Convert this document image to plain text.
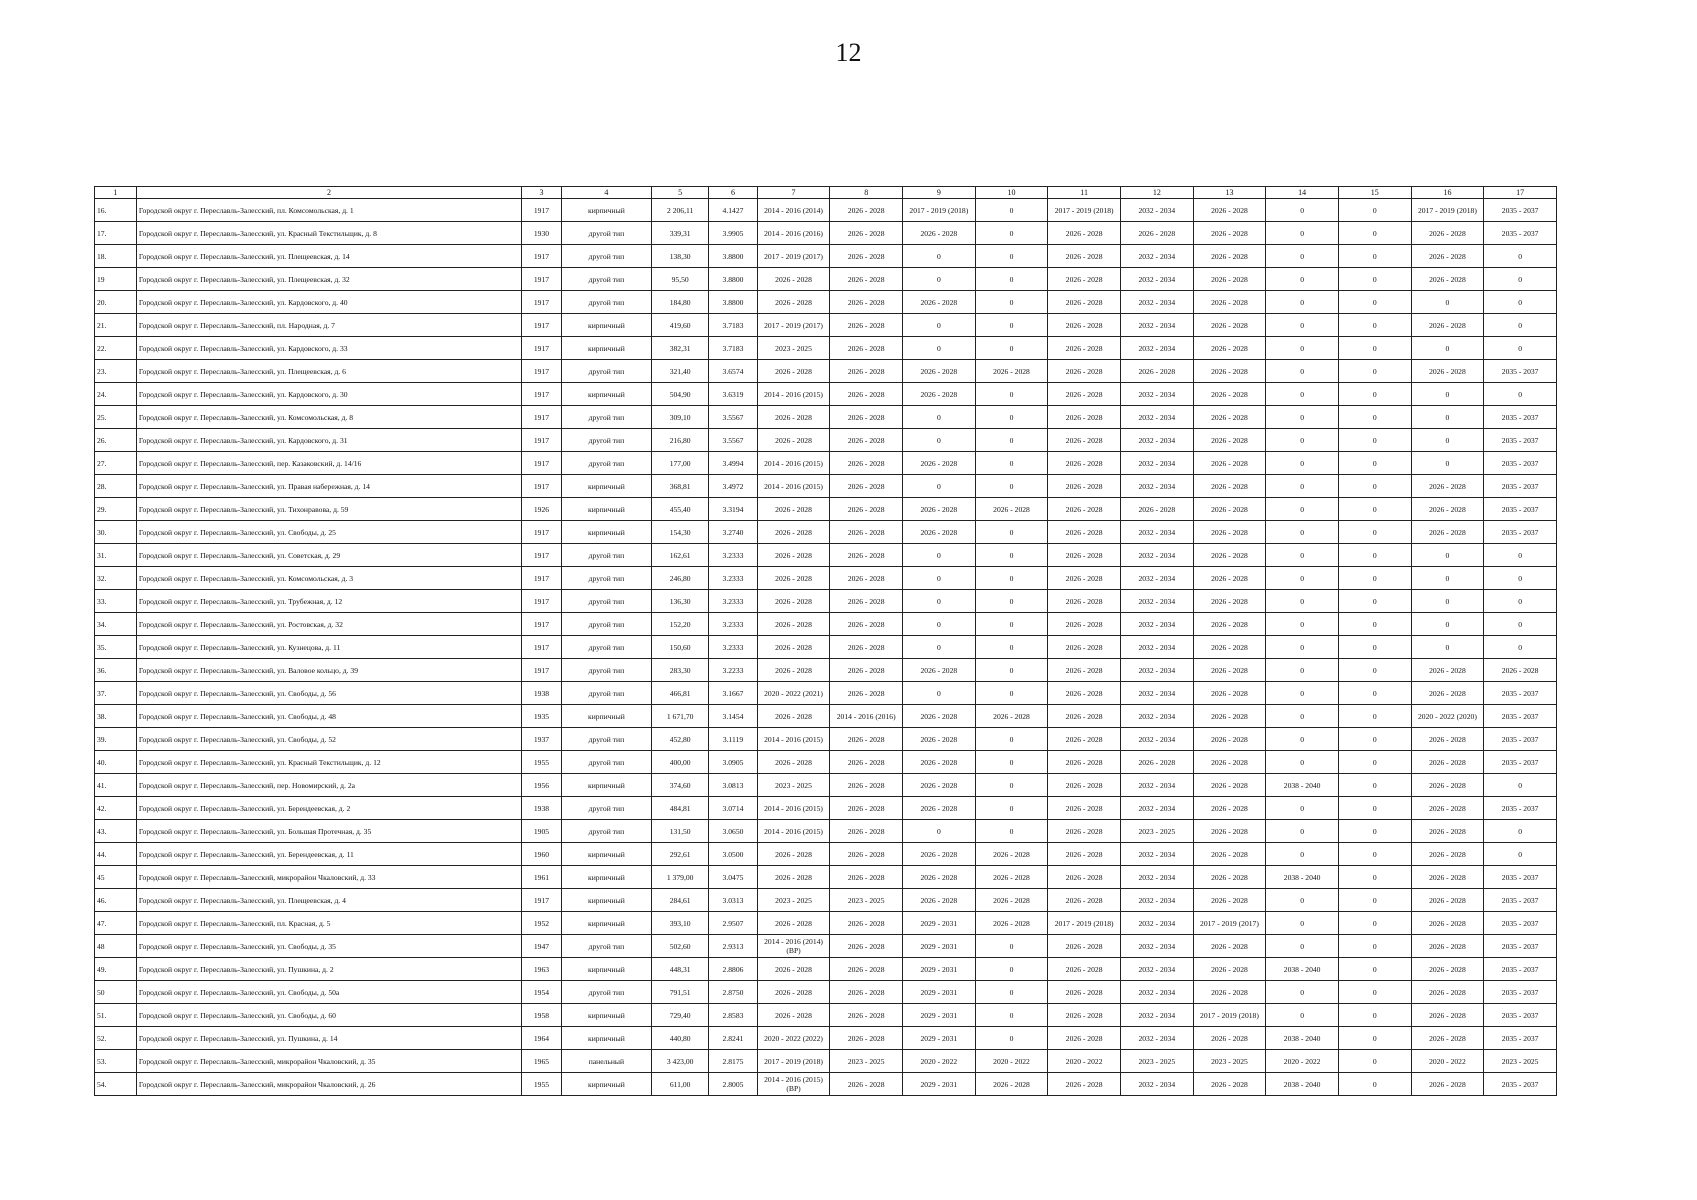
12
1	2	3	4	5	6	7	8	9	10	11	12	13	14	15	16	17
16.	Городской округ г. Переславль-Залесский, пл. Комсомольская, д. 1	1917	кирпичный	2 206,11	4.1427	2014 - 2016 (2014)	2026 - 2028	2017 - 2019 (2018)	0	2017 - 2019 (2018)	2032 - 2034	2026 - 2028	0	0	2017 - 2019 (2018)	2035 - 2037
17.	Городской округ г. Переславль-Залесский, ул. Красный Текстильщик, д. 8	1930	другой тип	339,31	3.9905	2014 - 2016 (2016)	2026 - 2028	2026 - 2028	0	2026 - 2028	2026 - 2028	2026 - 2028	0	0	2026 - 2028	2035 - 2037
18.	Городской округ г. Переславль-Залесский, ул. Плещеевская, д. 14	1917	другой тип	138,30	3.8800	2017 - 2019 (2017)	2026 - 2028	0	0	2026 - 2028	2032 - 2034	2026 - 2028	0	0	2026 - 2028	0
19	Городской округ г. Переславль-Залесский, ул. Плещеевская, д. 32	1917	другой тип	95,50	3.8800	2026 - 2028	2026 - 2028	0	0	2026 - 2028	2032 - 2034	2026 - 2028	0	0	2026 - 2028	0
20.	Городской округ г. Переславль-Залесский, ул. Кардовского, д. 40	1917	другой тип	184,80	3.8800	2026 - 2028	2026 - 2028	2026 - 2028	0	2026 - 2028	2032 - 2034	2026 - 2028	0	0	0	0
21.	Городской округ г. Переславль-Залесский, пл. Народная, д. 7	1917	кирпичный	419,60	3.7183	2017 - 2019 (2017)	2026 - 2028	0	0	2026 - 2028	2032 - 2034	2026 - 2028	0	0	2026 - 2028	0
22.	Городской округ г. Переславль-Залесский, ул. Кардовского, д. 33	1917	кирпичный	382,31	3.7183	2023 - 2025	2026 - 2028	0	0	2026 - 2028	2032 - 2034	2026 - 2028	0	0	0	0
23.	Городской округ г. Переславль-Залесский, ул. Плещеевская, д. 6	1917	другой тип	321,40	3.6574	2026 - 2028	2026 - 2028	2026 - 2028	2026 - 2028	2026 - 2028	2026 - 2028	2026 - 2028	0	0	2026 - 2028	2035 - 2037
24.	Городской округ г. Переславль-Залесский, ул. Кардовского, д. 30	1917	кирпичный	504,90	3.6319	2014 - 2016 (2015)	2026 - 2028	2026 - 2028	0	2026 - 2028	2032 - 2034	2026 - 2028	0	0	0	0
25.	Городской округ г. Переславль-Залесский, ул. Комсомольская, д. 8	1917	другой тип	309,10	3.5567	2026 - 2028	2026 - 2028	0	0	2026 - 2028	2032 - 2034	2026 - 2028	0	0	0	2035 - 2037
26.	Городской округ г. Переславль-Залесский, ул. Кардовского, д. 31	1917	другой тип	216,80	3.5567	2026 - 2028	2026 - 2028	0	0	2026 - 2028	2032 - 2034	2026 - 2028	0	0	0	2035 - 2037
27.	Городской округ г. Переславль-Залесский, пер. Казаковский, д. 14/16	1917	другой тип	177,00	3.4994	2014 - 2016 (2015)	2026 - 2028	2026 - 2028	0	2026 - 2028	2032 - 2034	2026 - 2028	0	0	0	2035 - 2037
28.	Городской округ г. Переславль-Залесский, ул. Правая набережная, д. 14	1917	кирпичный	368,81	3.4972	2014 - 2016 (2015)	2026 - 2028	0	0	2026 - 2028	2032 - 2034	2026 - 2028	0	0	2026 - 2028	2035 - 2037
29.	Городской округ г. Переславль-Залесский, ул. Тихонравова, д. 59	1926	кирпичный	455,40	3.3194	2026 - 2028	2026 - 2028	2026 - 2028	2026 - 2028	2026 - 2028	2026 - 2028	2026 - 2028	0	0	2026 - 2028	2035 - 2037
30.	Городской округ г. Переславль-Залесский, ул. Свободы, д. 25	1917	кирпичный	154,30	3.2740	2026 - 2028	2026 - 2028	2026 - 2028	0	2026 - 2028	2032 - 2034	2026 - 2028	0	0	2026 - 2028	2035 - 2037
31.	Городской округ г. Переславль-Залесский, ул. Советская, д. 29	1917	другой тип	162,61	3.2333	2026 - 2028	2026 - 2028	0	0	2026 - 2028	2032 - 2034	2026 - 2028	0	0	0	0
32.	Городской округ г. Переславль-Залесский, ул. Комсомольская, д. 3	1917	другой тип	246,80	3.2333	2026 - 2028	2026 - 2028	0	0	2026 - 2028	2032 - 2034	2026 - 2028	0	0	0	0
33.	Городской округ г. Переславль-Залесский, ул. Трубежная, д. 12	1917	другой тип	136,30	3.2333	2026 - 2028	2026 - 2028	0	0	2026 - 2028	2032 - 2034	2026 - 2028	0	0	0	0
34.	Городской округ г. Переславль-Залесский, ул. Ростовская, д. 32	1917	другой тип	152,20	3.2333	2026 - 2028	2026 - 2028	0	0	2026 - 2028	2032 - 2034	2026 - 2028	0	0	0	0
35.	Городской округ г. Переславль-Залесский, ул. Кузнецова, д. 11	1917	другой тип	150,60	3.2333	2026 - 2028	2026 - 2028	0	0	2026 - 2028	2032 - 2034	2026 - 2028	0	0	0	0
36.	Городской округ г. Переславль-Залесский, ул. Валовое кольцо, д. 39	1917	другой тип	283,30	3.2233	2026 - 2028	2026 - 2028	2026 - 2028	0	2026 - 2028	2032 - 2034	2026 - 2028	0	0	2026 - 2028	2026 - 2028
37.	Городской округ г. Переславль-Залесский, ул. Свободы, д. 56	1938	другой тип	466,81	3.1667	2020 - 2022 (2021)	2026 - 2028	0	0	2026 - 2028	2032 - 2034	2026 - 2028	0	0	2026 - 2028	2035 - 2037
38.	Городской округ г. Переславль-Залесский, ул. Свободы, д. 48	1935	кирпичный	1 671,70	3.1454	2026 - 2028	2014 - 2016 (2016)	2026 - 2028	2026 - 2028	2026 - 2028	2032 - 2034	2026 - 2028	0	0	2020 - 2022 (2020)	2035 - 2037
39.	Городской округ г. Переславль-Залесский, ул. Свободы, д. 52	1937	другой тип	452,80	3.1119	2014 - 2016 (2015)	2026 - 2028	2026 - 2028	0	2026 - 2028	2032 - 2034	2026 - 2028	0	0	2026 - 2028	2035 - 2037
40.	Городской округ г. Переславль-Залесский, ул. Красный Текстильщик, д. 12	1955	другой тип	400,00	3.0905	2026 - 2028	2026 - 2028	2026 - 2028	0	2026 - 2028	2026 - 2028	2026 - 2028	0	0	2026 - 2028	2035 - 2037
41.	Городской округ г. Переславль-Залесский, пер. Новомирский, д. 2а	1956	кирпичный	374,60	3.0813	2023 - 2025	2026 - 2028	2026 - 2028	0	2026 - 2028	2032 - 2034	2026 - 2028	2038 - 2040	0	2026 - 2028	0
42.	Городской округ г. Переславль-Залесский, ул. Берендеевская, д. 2	1938	другой тип	484,81	3.0714	2014 - 2016 (2015)	2026 - 2028	2026 - 2028	0	2026 - 2028	2032 - 2034	2026 - 2028	0	0	2026 - 2028	2035 - 2037
43.	Городской округ г. Переславль-Залесский, ул. Большая Протечная, д. 35	1905	другой тип	131,50	3.0650	2014 - 2016 (2015)	2026 - 2028	0	0	2026 - 2028	2023 - 2025	2026 - 2028	0	0	2026 - 2028	0
44.	Городской округ г. Переславль-Залесский, ул. Берендеевская, д. 11	1960	кирпичный	292,61	3.0500	2026 - 2028	2026 - 2028	2026 - 2028	2026 - 2028	2026 - 2028	2032 - 2034	2026 - 2028	0	0	2026 - 2028	0
45	Городской округ г. Переславль-Залесский, микрорайон Чкаловский, д. 33	1961	кирпичный	1 379,00	3.0475	2026 - 2028	2026 - 2028	2026 - 2028	2026 - 2028	2026 - 2028	2032 - 2034	2026 - 2028	2038 - 2040	0	2026 - 2028	2035 - 2037
46.	Городской округ г. Переславль-Залесский, ул. Плещеевская, д. 4	1917	кирпичный	284,61	3.0313	2023 - 2025	2023 - 2025	2026 - 2028	2026 - 2028	2026 - 2028	2032 - 2034	2026 - 2028	0	0	2026 - 2028	2035 - 2037
47.	Городской округ г. Переславль-Залесский, пл. Красная, д. 5	1952	кирпичный	393,10	2.9507	2026 - 2028	2026 - 2028	2029 - 2031	2026 - 2028	2017 - 2019 (2018)	2032 - 2034	2017 - 2019 (2017)	0	0	2026 - 2028	2035 - 2037
48	Городской округ г. Переславль-Залесский, ул. Свободы, д. 35	1947	другой тип	502,60	2.9313	2014 - 2016 (2014) (ВР)	2026 - 2028	2029 - 2031	0	2026 - 2028	2032 - 2034	2026 - 2028	0	0	2026 - 2028	2035 - 2037
49.	Городской округ г. Переславль-Залесский, ул. Пушкина, д. 2	1963	кирпичный	448,31	2.8806	2026 - 2028	2026 - 2028	2029 - 2031	0	2026 - 2028	2032 - 2034	2026 - 2028	2038 - 2040	0	2026 - 2028	2035 - 2037
50	Городской округ г. Переславль-Залесский, ул. Свободы, д. 50а	1954	другой тип	791,51	2.8750	2026 - 2028	2026 - 2028	2029 - 2031	0	2026 - 2028	2032 - 2034	2026 - 2028	0	0	2026 - 2028	2035 - 2037
51.	Городской округ г. Переславль-Залесский, ул. Свободы, д. 60	1958	кирпичный	729,40	2.8583	2026 - 2028	2026 - 2028	2029 - 2031	0	2026 - 2028	2032 - 2034	2017 - 2019 (2018)	0	0	2026 - 2028	2035 - 2037
52.	Городской округ г. Переславль-Залесский, ул. Пушкина, д. 14	1964	кирпичный	440,80	2.8241	2020 - 2022 (2022)	2026 - 2028	2029 - 2031	0	2026 - 2028	2032 - 2034	2026 - 2028	2038 - 2040	0	2026 - 2028	2035 - 2037
53.	Городской округ г. Переславль-Залесский, микрорайон Чкаловский, д. 35	1965	панельный	3 423,00	2.8175	2017 - 2019 (2018)	2023 - 2025	2020 - 2022	2020 - 2022	2020 - 2022	2023 - 2025	2023 - 2025	2020 - 2022	0	2020 - 2022	2023 - 2025
54.	Городской округ г. Переславль-Залесский, микрорайон Чкаловский, д. 26	1955	кирпичный	611,00	2.8005	2014 - 2016 (2015) (ВР)	2026 - 2028	2029 - 2031	2026 - 2028	2026 - 2028	2032 - 2034	2026 - 2028	2038 - 2040	0	2026 - 2028	2035 - 2037
